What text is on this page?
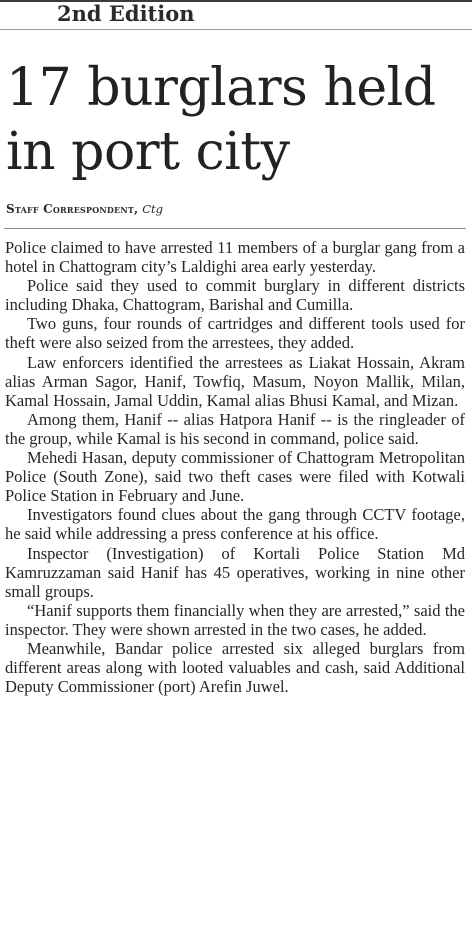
2nd Edition
17 burglars held in port city
Staff Correspondent, Ctg

Police claimed to have arrested 11 members of a burglar gang from a hotel in Chattogram city’s Laldighi area early yesterday.

Police said they used to commit burglary in different districts including Dhaka, Chattogram, Barishal and Cumilla.

Two guns, four rounds of cartridges and different tools used for theft were also seized from the arrestees, they added.

Law enforcers identified the arrestees as Liakat Hossain, Akram alias Arman Sagor, Hanif, Towfiq, Masum, Noyon Mallik, Milan, Kamal Hossain, Jamal Uddin, Kamal alias Bhusi Kamal, and Mizan.

Among them, Hanif -- alias Hatpora Hanif -- is the ringleader of the group, while Kamal is his second in command, police said.

Mehedi Hasan, deputy commissioner of Chattogram Metropolitan Police (South Zone), said two theft cases were filed with Kotwali Police Station in February and June.

Investigators found clues about the gang through CCTV footage, he said while addressing a press conference at his office.

Inspector (Investigation) of Kortali Police Station Md Kamruzzaman said Hanif has 45 operatives, working in nine other small groups.

“Hanif supports them financially when they are arrested,” said the inspector. They were shown arrested in the two cases, he added.

Meanwhile, Bandar police arrested six alleged burglars from different areas along with looted valuables and cash, said Additional Deputy Commissioner (port) Arefin Juwel.
